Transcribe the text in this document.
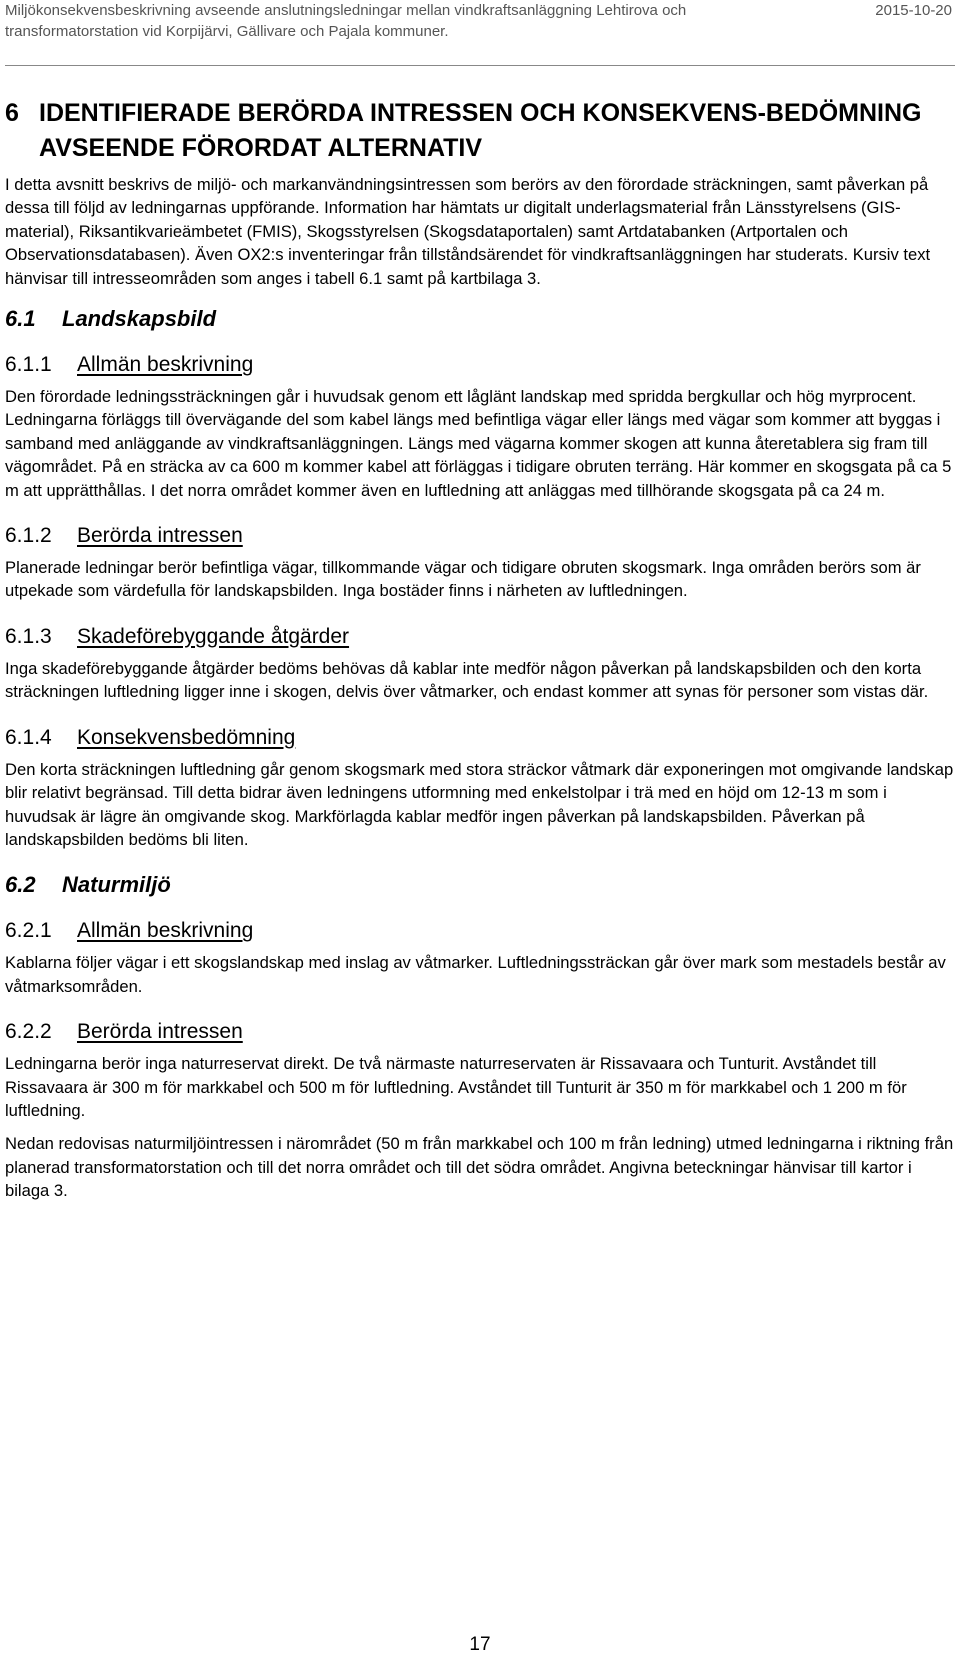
Miljökonsekvensbeskrivning avseende anslutningsledningar mellan vindkraftsanläggning Lehtirova och transformatorstation vid Korpijärvi, Gällivare och Pajala kommuner.
2015-10-20
6 IDENTIFIERADE BERÖRDA INTRESSEN OCH KONSEKVENS-BEDÖMNING AVSEENDE FÖRORDAT ALTERNATIV

I detta avsnitt beskrivs de miljö- och markanvändningsintressen som berörs av den förordade sträckningen, samt påverkan på dessa till följd av ledningarnas uppförande. Information har hämtats ur digitalt underlagsmaterial från Länsstyrelsens (GIS-material), Riksantikvarieämbetet (FMIS), Skogsstyrelsen (Skogsdataportalen) samt Artdatabanken (Artportalen och Observationsdatabasen). Även OX2:s inventeringar från tillståndsärendet för vindkraftsanläggningen har studerats. Kursiv text hänvisar till intresseområden som anges i tabell 6.1 samt på kartbilaga 3.

6.1	Landskapsbild
6.1.1	Allmän beskrivning

Den förordade ledningssträckningen går i huvudsak genom ett låglänt landskap med spridda bergkullar och hög myrprocent. Ledningarna förläggs till övervägande del som kabel längs med befintliga vägar eller längs med vägar som kommer att byggas i samband med anläggande av vindkraftsanläggningen. Längs med vägarna kommer skogen att kunna återetablera sig fram till vägområdet. På en sträcka av ca 600 m kommer kabel att förläggas i tidigare obruten terräng. Här kommer en skogsgata på ca 5 m att upprätthållas. I det norra området kommer även en luftledning att anläggas med tillhörande skogsgata på ca 24 m.

6.1.2	Berörda intressen

Planerade ledningar berör befintliga vägar, tillkommande vägar och tidigare obruten skogsmark. Inga områden berörs som är utpekade som värdefulla för landskapsbilden. Inga bostäder finns i närheten av luftledningen.

6.1.3	Skadeförebyggande åtgärder

Inga skadeförebyggande åtgärder bedöms behövas då kablar inte medför någon påverkan på landskapsbilden och den korta sträckningen luftledning ligger inne i skogen, delvis över våtmarker, och endast kommer att synas för personer som vistas där.

6.1.4	Konsekvensbedömning

Den korta sträckningen luftledning går genom skogsmark med stora sträckor våtmark där exponeringen mot omgivande landskap blir relativt begränsad. Till detta bidrar även ledningens utformning med enkelstolpar i trä med en höjd om 12-13 m som i huvudsak är lägre än omgivande skog. Markförlagda kablar medför ingen påverkan på landskapsbilden. Påverkan på landskapsbilden bedöms bli liten.

6.2	Naturmiljö
6.2.1	Allmän beskrivning

Kablarna följer vägar i ett skogslandskap med inslag av våtmarker. Luftledningssträckan går över mark som mestadels består av våtmarksområden.

6.2.2	Berörda intressen

Ledningarna berör inga naturreservat direkt. De två närmaste naturreservaten är Rissavaara och Tunturit. Avståndet till Rissavaara är 300 m för markkabel och 500 m för luftledning. Avståndet till Tunturit är 350 m för markkabel och 1 200 m för luftledning.

Nedan redovisas naturmiljöintressen i närområdet (50 m från markkabel och 100 m från ledning) utmed ledningarna i riktning från planerad transformatorstation och till det norra området och till det södra området. Angivna beteckningar hänvisar till kartor i bilaga 3.

17
